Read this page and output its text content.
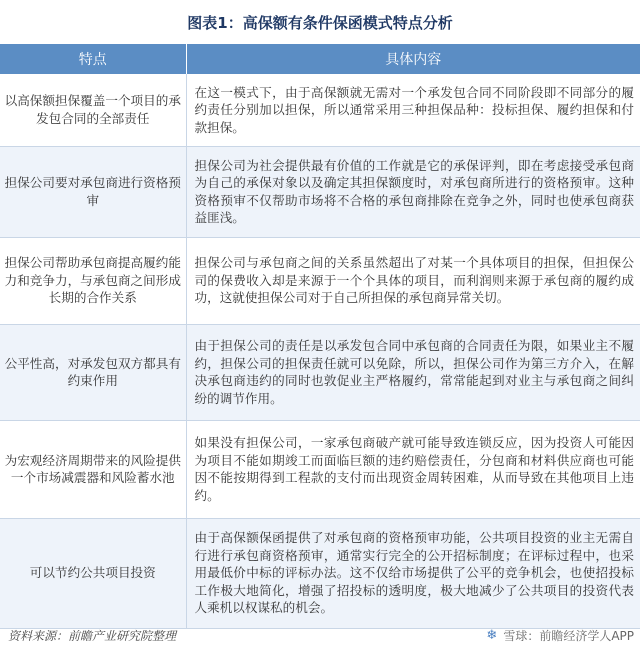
图表1：高保额有条件保函模式特点分析
特点	具体内容
以高保额担保覆盖一个项目的承发包合同的全部责任	在这一模式下，由于高保额就无需对一个承发包合同不同阶段即不同部分的履约责任分别加以担保，所以通常采用三种担保品种：投标担保、履约担保和付款担保。
担保公司要对承包商进行资格预审	担保公司为社会提供最有价值的工作就是它的承保评判，即在考虑接受承包商为自己的承保对象以及确定其担保额度时，对承包商所进行的资格预审。这种资格预审不仅帮助市场将不合格的承包商排除在竞争之外，同时也使承包商获益匪浅。
担保公司帮助承包商提高履约能力和竞争力，与承包商之间形成长期的合作关系	担保公司与承包商之间的关系虽然超出了对某一个具体项目的担保，但担保公司的保费收入却是来源于一个个具体的项目，而利润则来源于承包商的履约成功，这就使担保公司对于自己所担保的承包商异常关切。
公平性高，对承发包双方都具有约束作用	由于担保公司的责任是以承发包合同中承包商的合同责任为限，如果业主不履约，担保公司的担保责任就可以免除，所以，担保公司作为第三方介入，在解决承包商违约的同时也敦促业主严格履约，常常能起到对业主与承包商之间纠纷的调节作用。
为宏观经济周期带来的风险提供一个市场减震器和风险蓄水池	如果没有担保公司，一家承包商破产就可能导致连锁反应，因为投资人可能因为项目不能如期竣工而面临巨额的违约赔偿责任，分包商和材料供应商也可能因不能按期得到工程款的支付而出现资金周转困难，从而导致在其他项目上违约。
可以节约公共项目投资	由于高保额保函提供了对承包商的资格预审功能，公共项目投资的业主无需自行进行承包商资格预审，通常实行完全的公开招标制度；在评标过程中，也采用最低价中标的评标办法。这不仅给市场提供了公平的竞争机会，也使招投标工作极大地简化，增强了招投标的透明度，极大地减少了公共项目的投资代表人乘机以权谋私的机会。
资料来源：前瞻产业研究院整理	❄ 雪球：前瞻经济学人APP
